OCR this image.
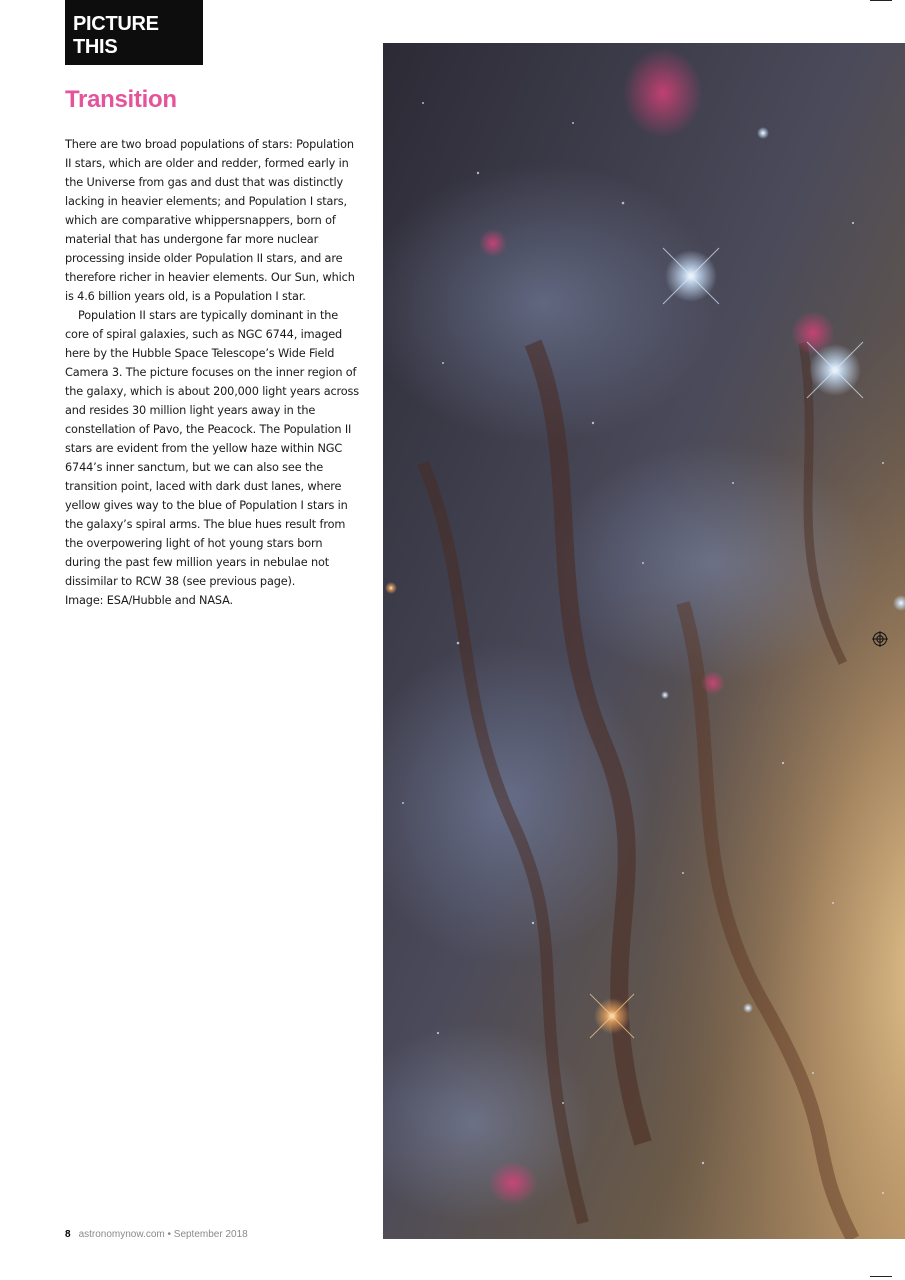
PICTURE THIS
Transition

There are two broad populations of stars: Population II stars, which are older and redder, formed early in the Universe from gas and dust that was distinctly lacking in heavier elements; and Population I stars, which are comparative whippersnappers, born of material that has undergone far more nuclear processing inside older Population II stars, and are therefore richer in heavier elements. Our Sun, which is 4.6 billion years old, is a Population I star.

Population II stars are typically dominant in the core of spiral galaxies, such as NGC 6744, imaged here by the Hubble Space Telescope’s Wide Field Camera 3. The picture focuses on the inner region of the galaxy, which is about 200,000 light years across and resides 30 million light years away in the constellation of Pavo, the Peacock. The Population II stars are evident from the yellow haze within NGC 6744’s inner sanctum, but we can also see the transition point, laced with dark dust lanes, where yellow gives way to the blue of Population I stars in the galaxy’s spiral arms. The blue hues result from the overpowering light of hot young stars born during the past few million years in nebulae not dissimilar to RCW 38 (see previous page).

Image: ESA/Hubble and NASA.

8 astronomynow.com • September 2018
